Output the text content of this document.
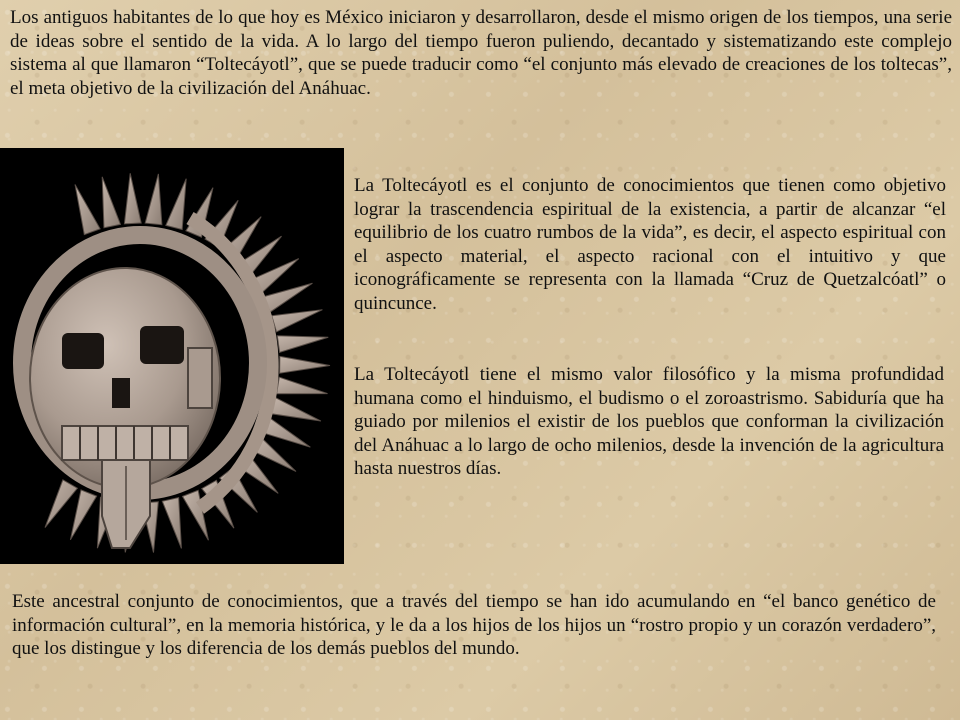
Los antiguos habitantes de lo que hoy es México iniciaron y desarrollaron, desde el mismo origen de los tiempos, una serie de ideas sobre el sentido de la vida. A lo largo del tiempo fueron puliendo, decantado y sistematizando este complejo sistema al que llamaron “Toltecáyotl”, que se puede traducir como “el conjunto más elevado de creaciones de los toltecas”, el meta objetivo de la civilización del Anáhuac.

La Toltecáyotl es el conjunto de conocimientos que tienen como objetivo lograr la trascendencia espiritual de la existencia, a partir de alcanzar “el equilibrio de los cuatro rumbos de la vida”, es decir, el aspecto espiritual con el aspecto material, el aspecto racional con el intuitivo y que iconográficamente se representa con la llamada “Cruz de Quetzalcóatl” o quincunce.

La Toltecáyotl tiene el mismo valor filosófico y la misma profundidad humana como el hinduismo, el budismo o el zoroastrismo. Sabiduría que ha guiado por milenios el existir de los pueblos que conforman la civilización del Anáhuac a lo largo de ocho milenios, desde la invención de la agricultura hasta nuestros días.

Este ancestral conjunto de conocimientos, que a través del tiempo se han ido acumulando en “el banco genético de información cultural”, en la memoria histórica, y le da a los hijos de los hijos un “rostro propio y un corazón verdadero”, que los distingue y los diferencia de los demás pueblos del mundo.
